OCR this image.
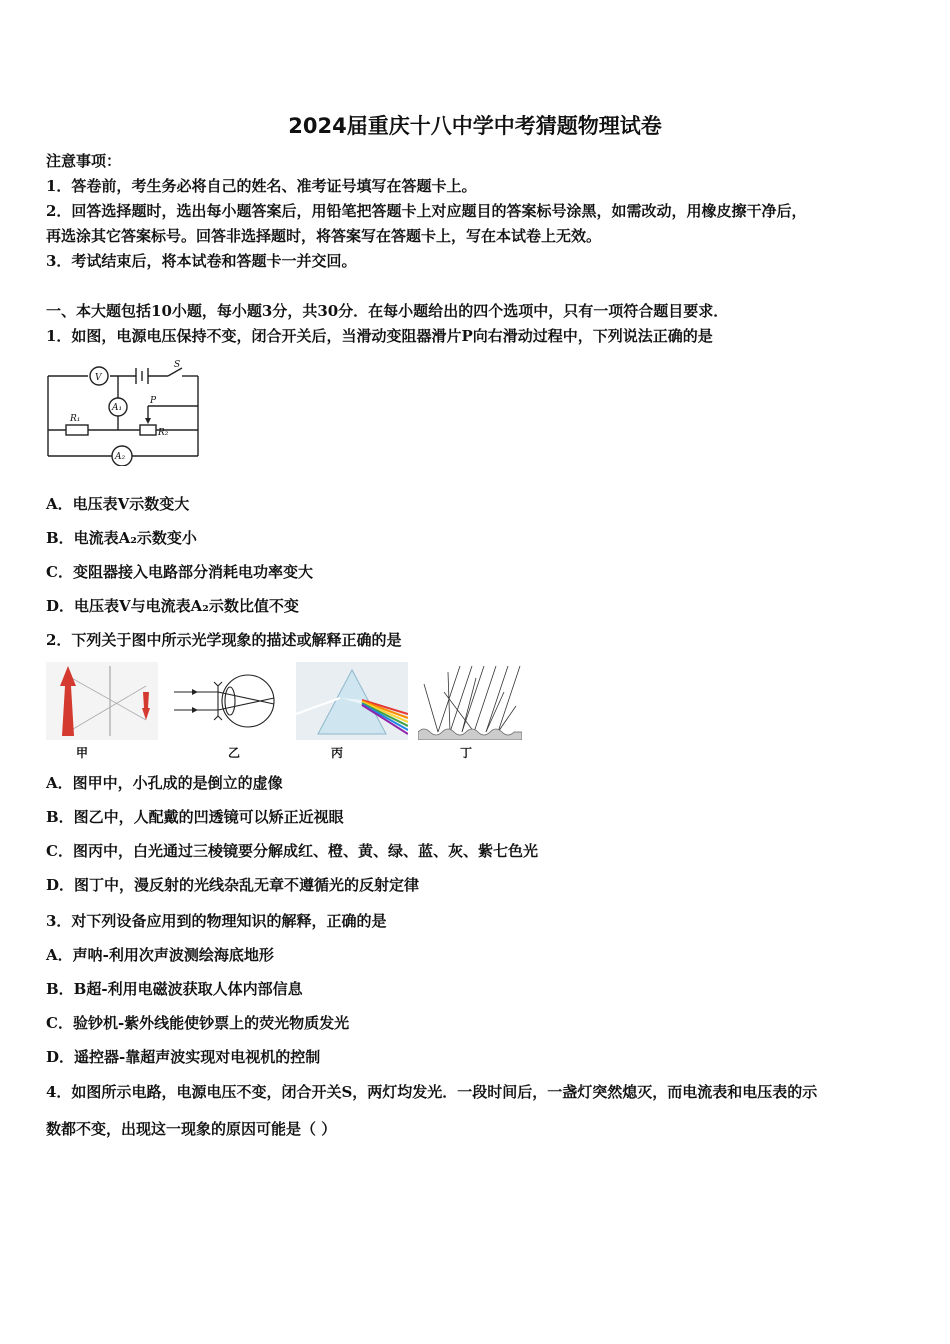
2024届重庆十八中学中考猜题物理试卷
注意事项：
1．答卷前，考生务必将自己的姓名、准考证号填写在答题卡上。
2．回答选择题时，选出每小题答案后，用铅笔把答题卡上对应题目的答案标号涂黑，如需改动，用橡皮擦干净后，
再选涂其它答案标号。回答非选择题时，将答案写在答题卡上，写在本试卷上无效。
3．考试结束后，将本试卷和答题卡一并交回。
一、本大题包括10小题，每小题3分，共30分．在每小题给出的四个选项中，只有一项符合题目要求．
1．如图，电源电压保持不变，闭合开关后，当滑动变阻器滑片P向右滑动过程中，下列说法正确的是
V
A₁
A₂
R₁
R₂
P
S
A．电压表V示数变大
B．电流表A₂示数变小
C．变阻器接入电路部分消耗电功率变大
D．电压表V与电流表A₂示数比值不变
2．下列关于图中所示光学现象的描述或解释正确的是
甲	乙	丙	丁
A．图甲中，小孔成的是倒立的虚像
B．图乙中，人配戴的凹透镜可以矫正近视眼
C．图丙中，白光通过三棱镜要分解成红、橙、黄、绿、蓝、灰、紫七色光
D．图丁中，漫反射的光线杂乱无章不遵循光的反射定律
3．对下列设备应用到的物理知识的解释，正确的是
A．声呐-利用次声波测绘海底地形
B．B超-利用电磁波获取人体内部信息
C．验钞机-紫外线能使钞票上的荧光物质发光
D．遥控器-靠超声波实现对电视机的控制
4．如图所示电路，电源电压不变，闭合开关S，两灯均发光．一段时间后，一盏灯突然熄灭，而电流表和电压表的示
数都不变，出现这一现象的原因可能是（ ）
